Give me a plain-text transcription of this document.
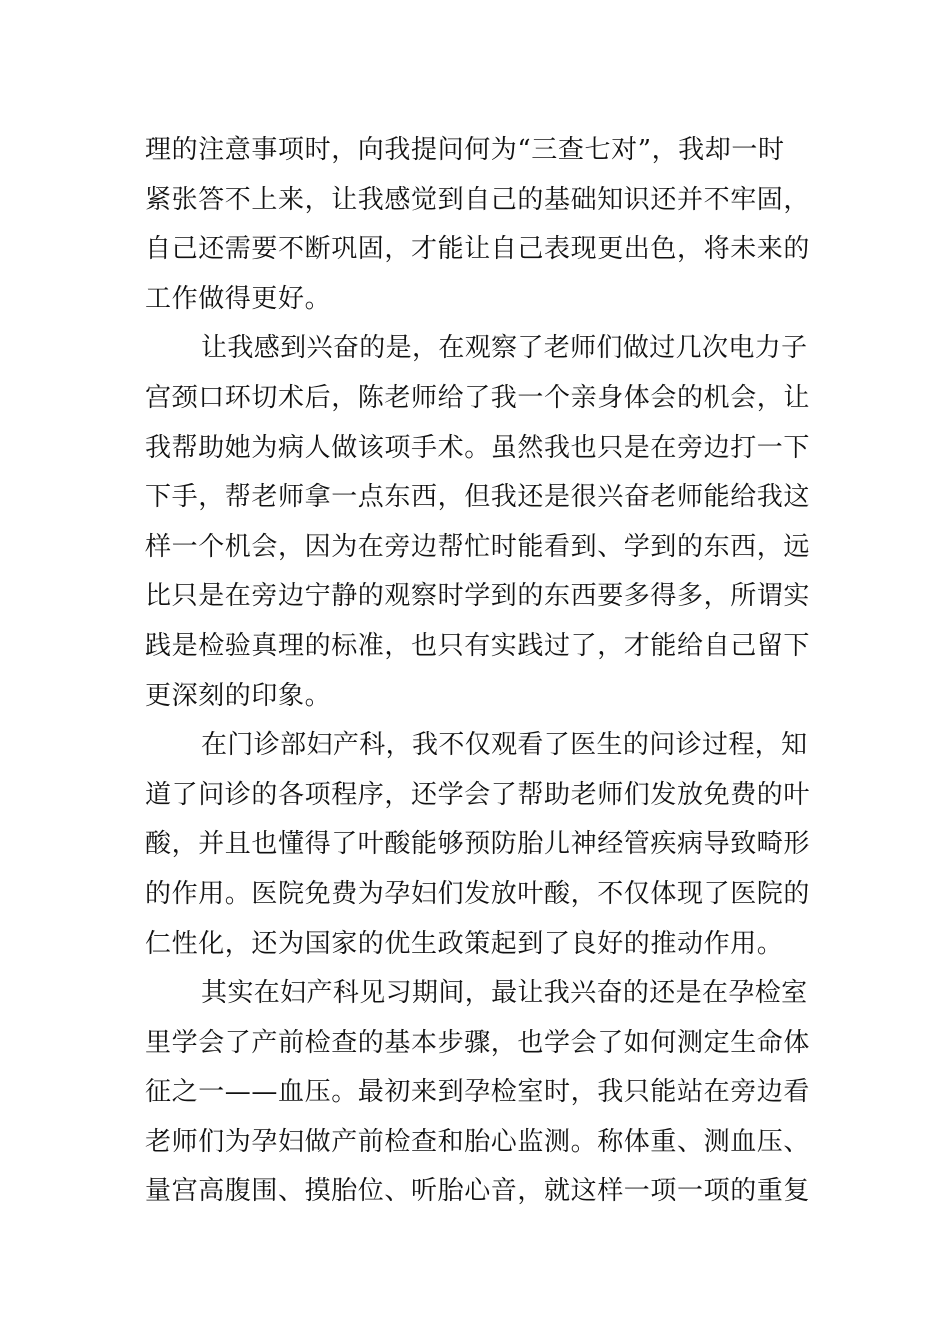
理的注意事项时，向我提问何为“三查七对”，我却一时
紧张答不上来，让我感觉到自己的基础知识还并不牢固，
自己还需要不断巩固，才能让自己表现更出色，将未来的
工作做得更好。
让我感到兴奋的是，在观察了老师们做过几次电力子
宫颈口环切术后，陈老师给了我一个亲身体会的机会，让
我帮助她为病人做该项手术。虽然我也只是在旁边打一下
下手，帮老师拿一点东西，但我还是很兴奋老师能给我这
样一个机会，因为在旁边帮忙时能看到、学到的东西，远
比只是在旁边宁静的观察时学到的东西要多得多，所谓实
践是检验真理的标准，也只有实践过了，才能给自己留下
更深刻的印象。
在门诊部妇产科，我不仅观看了医生的问诊过程，知
道了问诊的各项程序，还学会了帮助老师们发放免费的叶
酸，并且也懂得了叶酸能够预防胎儿神经管疾病导致畸形
的作用。医院免费为孕妇们发放叶酸，不仅体现了医院的
仁性化，还为国家的优生政策起到了良好的推动作用。
其实在妇产科见习期间，最让我兴奋的还是在孕检室
里学会了产前检查的基本步骤，也学会了如何测定生命体
征之一——血压。最初来到孕检室时，我只能站在旁边看
老师们为孕妇做产前检查和胎心监测。称体重、测血压、
量宫高腹围、摸胎位、听胎心音，就这样一项一项的重复
